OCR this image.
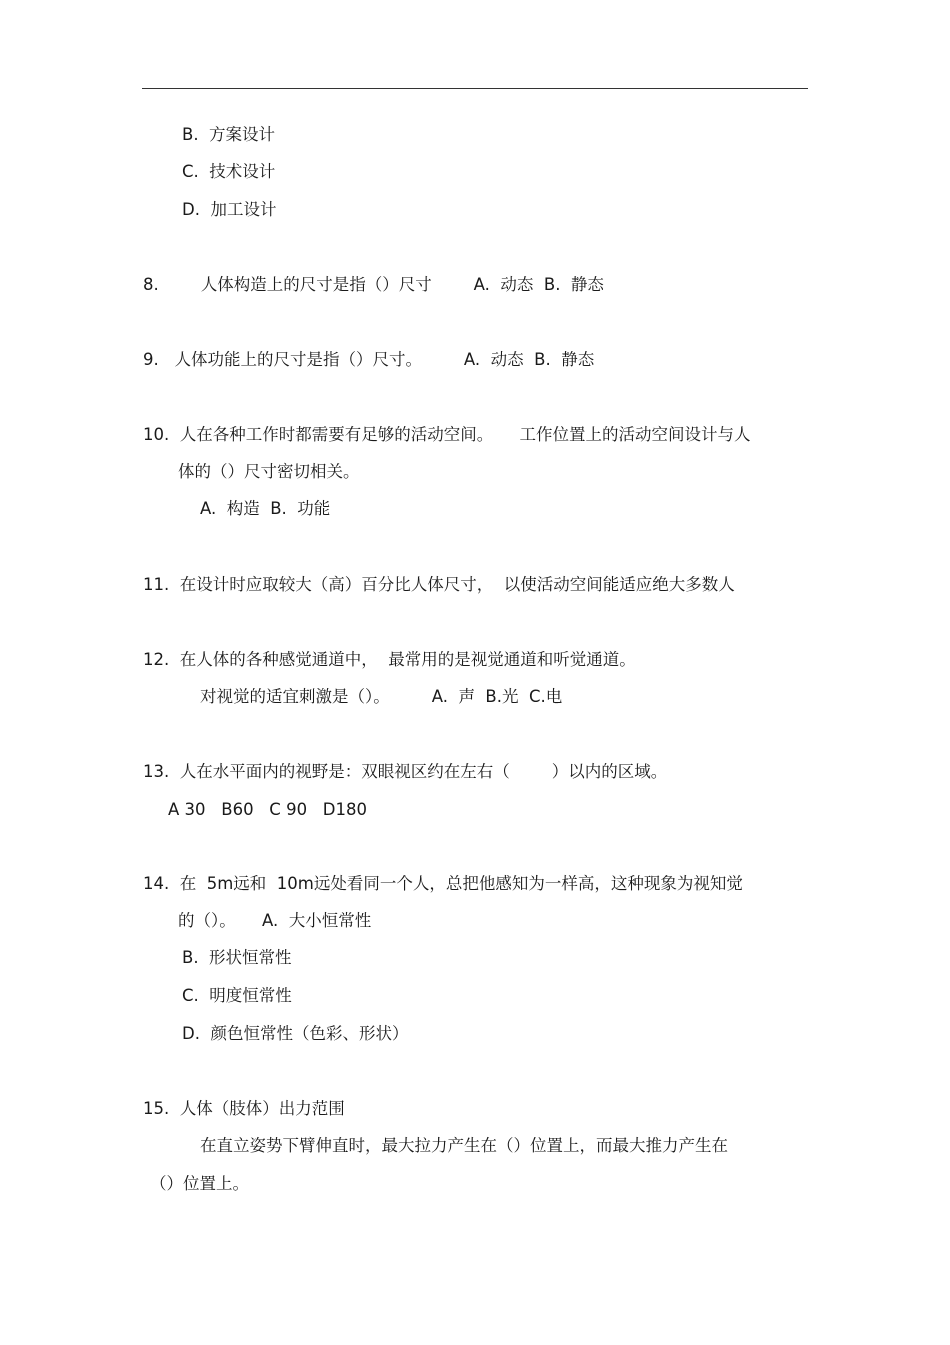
B.  方案设计
C.  技术设计
D.  加工设计
8.        人体构造上的尺寸是指（）尺寸        A.  动态  B.  静态
9.   人体功能上的尺寸是指（）尺寸。        A.  动态  B.  静态
10.  人在各种工作时都需要有足够的活动空间。     工作位置上的活动空间设计与人
体的（）尺寸密切相关。
A.  构造  B.  功能
11.  在设计时应取较大（高）百分比人体尺寸，  以使活动空间能适应绝大多数人
12.  在人体的各种感觉通道中，  最常用的是视觉通道和听觉通道。
对视觉的适宜刺激是（）。        A.  声  B.光  C.电
13.  人在水平面内的视野是：双眼视区约在左右（        ）以内的区域。
A 30   B60   C 90   D180
14.  在  5m远和  10m远处看同一个人，总把他感知为一样高，这种现象为视知觉
的（）。     A.  大小恒常性
B.  形状恒常性
C.  明度恒常性
D.  颜色恒常性（色彩、形状）
15.  人体（肢体）出力范围
在直立姿势下臂伸直时，最大拉力产生在（）位置上，而最大推力产生在
（）位置上。
